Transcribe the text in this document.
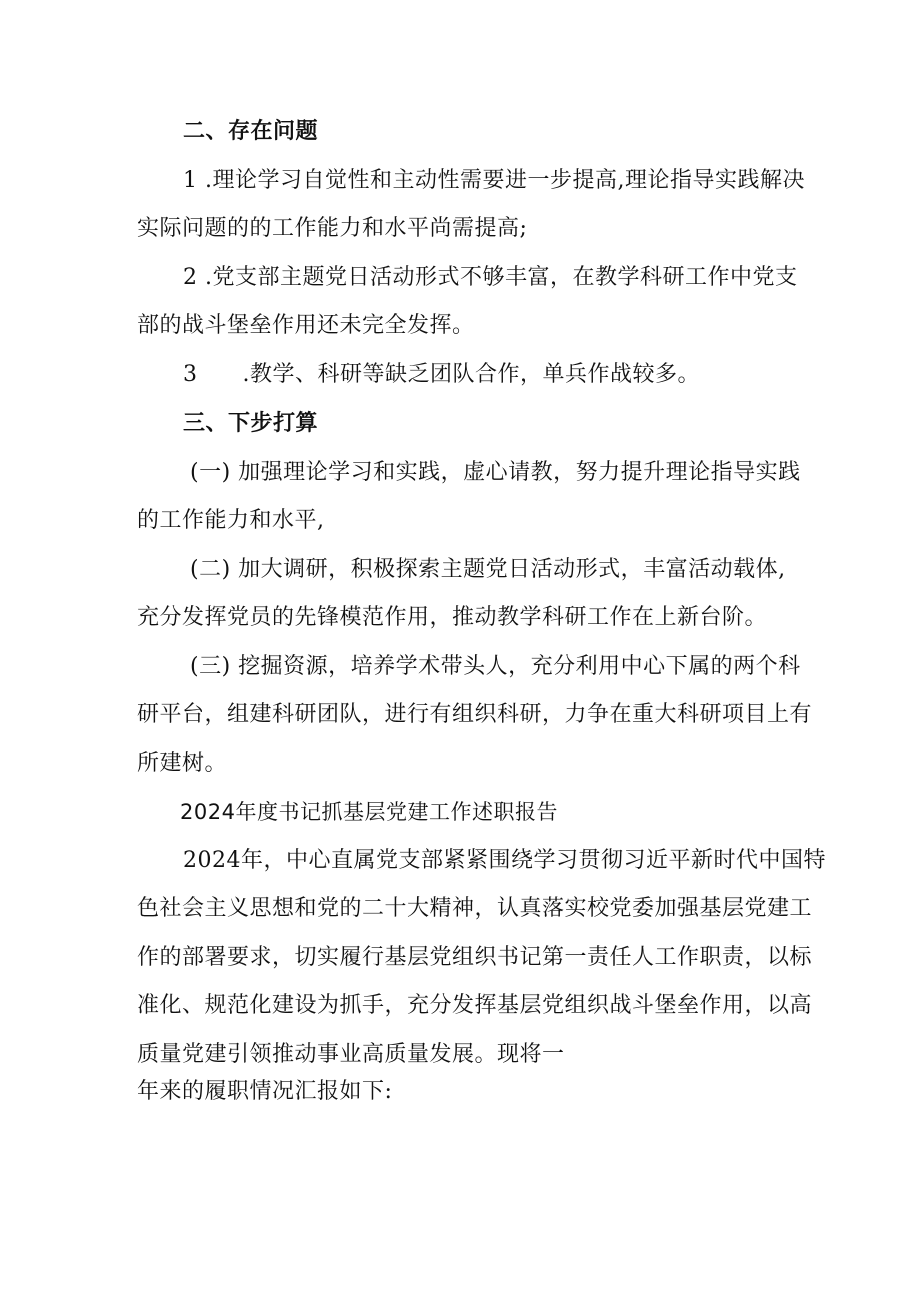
二、存在问题
1 .理论学习自觉性和主动性需要进一步提高,理论指导实践解决
实际问题的的工作能力和水平尚需提高;
2 .党支部主题党日活动形式不够丰富，在教学科研工作中党支
部的战斗堡垒作用还未完全发挥。
3　　.教学、科研等缺乏团队合作，单兵作战较多。
三、下步打算
(一) 加强理论学习和实践，虚心请教，努力提升理论指导实践
的工作能力和水平,
(二) 加大调研，积极探索主题党日活动形式，丰富活动载体,
充分发挥党员的先锋模范作用，推动教学科研工作在上新台阶。
(三) 挖掘资源，培养学术带头人，充分利用中心下属的两个科
研平台，组建科研团队，进行有组织科研，力争在重大科研项目上有
所建树。
2024年度书记抓基层党建工作述职报告
2024年，中心直属党支部紧紧围绕学习贯彻习近平新时代中国特
色社会主义思想和党的二十大精神，认真落实校党委加强基层党建工
作的部署要求，切实履行基层党组织书记第一责任人工作职责，以标
准化、规范化建设为抓手，充分发挥基层党组织战斗堡垒作用，以高
质量党建引领推动事业高质量发展。现将一
年来的履职情况汇报如下:
